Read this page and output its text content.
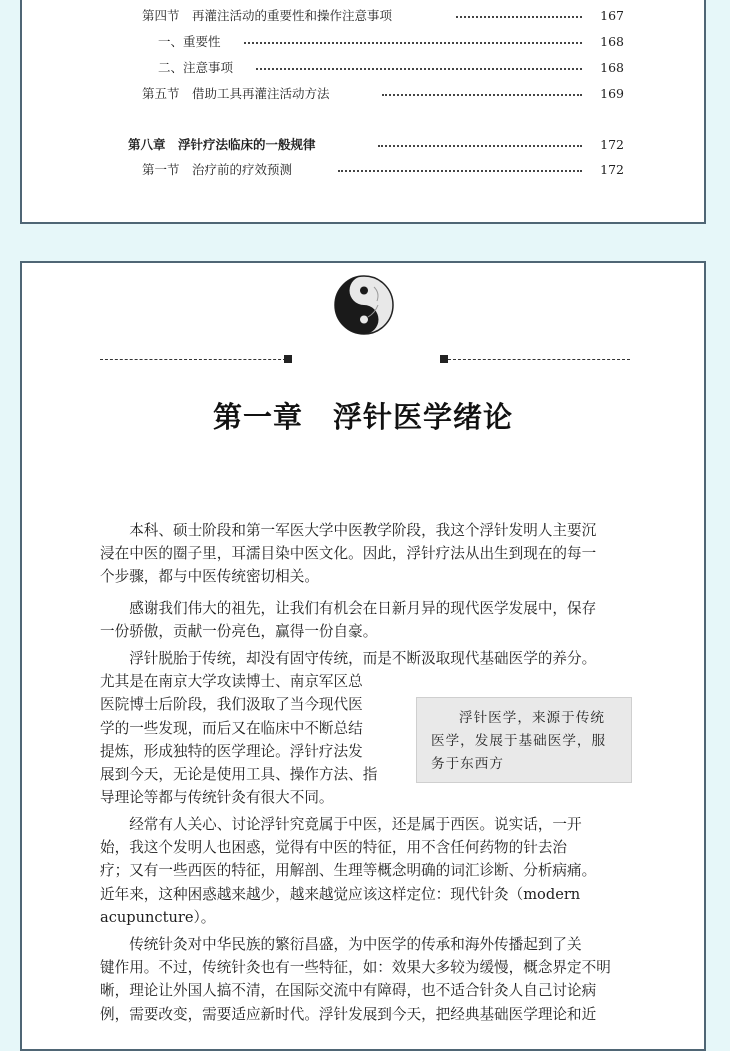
第四节　再灌注活动的重要性和操作注意事项	167
一、重要性	168
二、注意事项	168
第五节　借助工具再灌注活动方法	169
第八章　浮针疗法临床的一般规律	172
第一节　治疗前的疗效预测	172
第一章　浮针医学绪论
　　本科、硕士阶段和第一军医大学中医教学阶段，我这个浮针发明人主要沉
浸在中医的圈子里，耳濡目染中医文化。因此，浮针疗法从出生到现在的每一
个步骤，都与中医传统密切相关。
　　感谢我们伟大的祖先，让我们有机会在日新月异的现代医学发展中，保存
一份骄傲，贡献一份亮色，赢得一份自豪。
　　浮针脱胎于传统，却没有固守传统，而是不断汲取现代基础医学的养分。
尤其是在南京大学攻读博士、南京军区总
医院博士后阶段，我们汲取了当今现代医
学的一些发现，而后又在临床中不断总结
提炼，形成独特的医学理论。浮针疗法发
展到今天，无论是使用工具、操作方法、指
导理论等都与传统针灸有很大不同。
浮针医学，来源于传统
医学，发展于基础医学，服
务于东西方
　　经常有人关心、讨论浮针究竟属于中医，还是属于西医。说实话，一开
始，我这个发明人也困惑，觉得有中医的特征，用不含任何药物的针去治
疗；又有一些西医的特征，用解剖、生理等概念明确的词汇诊断、分析病痛。
近年来，这种困惑越来越少，越来越觉应该这样定位：现代针灸（modern
acupuncture）。
　　传统针灸对中华民族的繁衍昌盛，为中医学的传承和海外传播起到了关
键作用。不过，传统针灸也有一些特征，如：效果大多较为缓慢，概念界定不明
晰，理论让外国人搞不清，在国际交流中有障碍，也不适合针灸人自己讨论病
例，需要改变，需要适应新时代。浮针发展到今天，把经典基础医学理论和近
